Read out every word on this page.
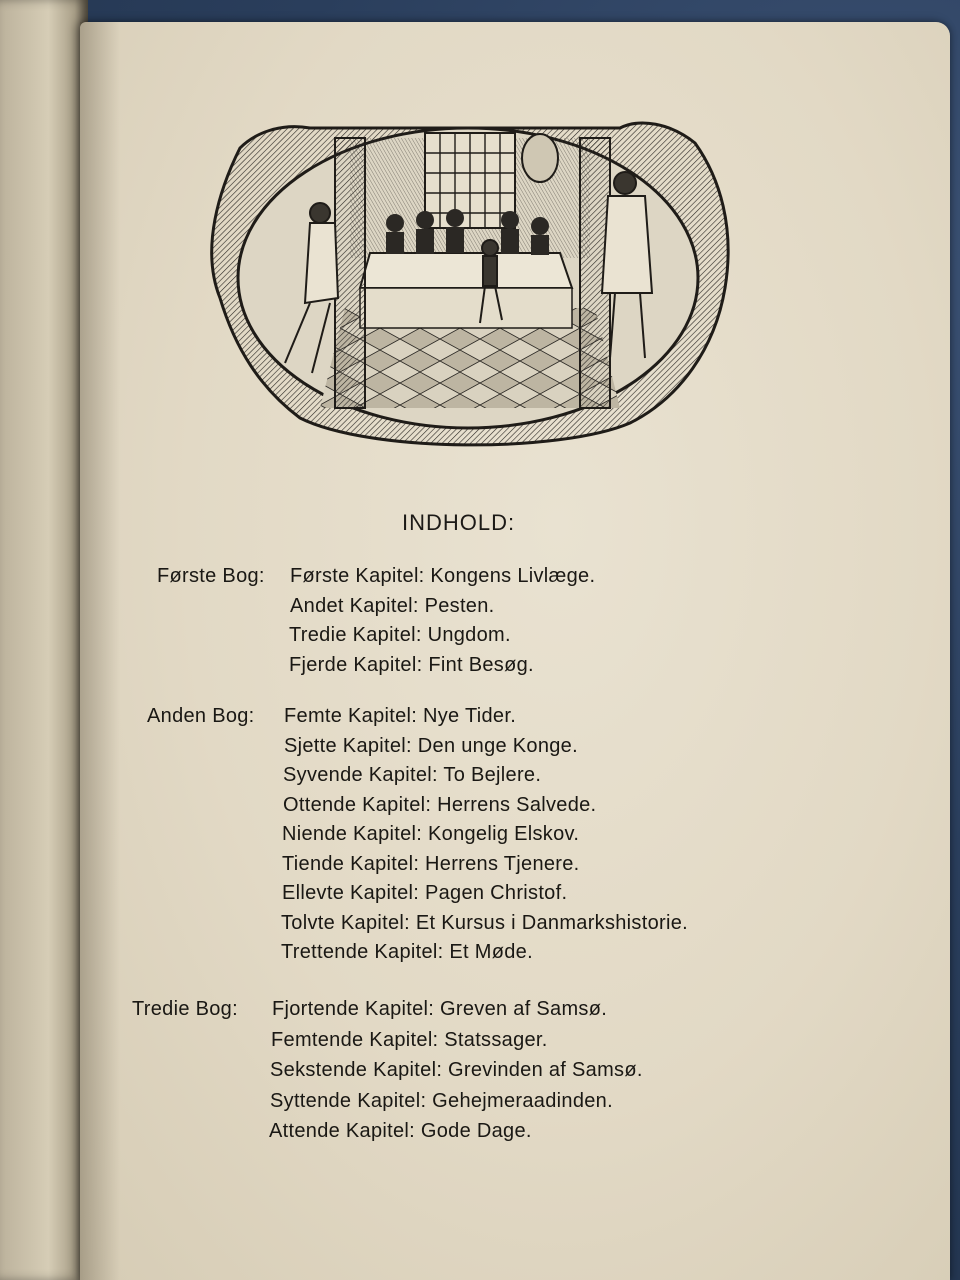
INDHOLD:
Første Bog: Første Kapitel: Kongens Livlæge.
Andet Kapitel: Pesten.
Tredie Kapitel: Ungdom.
Fjerde Kapitel: Fint Besøg.
Anden Bog: Femte Kapitel: Nye Tider.
Sjette Kapitel: Den unge Konge.
Syvende Kapitel: To Bejlere.
Ottende Kapitel: Herrens Salvede.
Niende Kapitel: Kongelig Elskov.
Tiende Kapitel: Herrens Tjenere.
Ellevte Kapitel: Pagen Christof.
Tolvte Kapitel: Et Kursus i Danmarkshistorie.
Trettende Kapitel: Et Møde.
Tredie Bog: Fjortende Kapitel: Greven af Samsø.
Femtende Kapitel: Statssager.
Sekstende Kapitel: Grevinden af Samsø.
Syttende Kapitel: Gehejmeraadinden.
Attende Kapitel: Gode Dage.
